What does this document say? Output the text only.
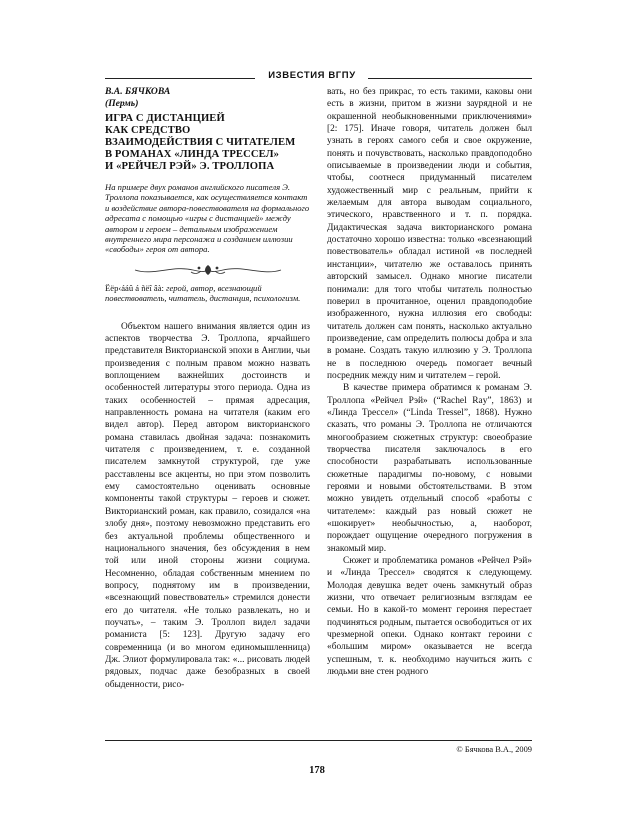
ИЗВЕСТИЯ ВГПУ
В.А. БЯЧКОВА
(Пермь)
ИГРА С ДИСТАНЦИЕЙ
КАК СРЕДСТВО
ВЗАИМОДЕЙСТВИЯ С ЧИТАТЕЛЕМ
В РОМАНАХ «ЛИНДА ТРЕССЕЛ»
И «РЕЙЧЕЛ РЭЙ» Э. ТРОЛЛОПА
На примере двух романов английского писателя Э. Троллопа показывается, как осуществляется контакт и воздействие автора-повествователя на формального адресата с помощью «игры с дистанцией» между автором и героем – детальным изображением внутреннего мира персонажа и созданием иллюзии «свободы» героя от автора.
Ёёр‹ááû á ñëî âà: герой, автор, всезнающий повествователь, читатель, дистанция, психологизм.

Объектом нашего внимания является один из аспектов творчества Э. Троллопа, ярчайшего представителя Викторианской эпохи в Англии, чьи произведения с полным правом можно назвать воплощением важнейших достоинств и особенностей литературы этого периода. Одна из таких особенностей – прямая адресация, направленность романа на читателя (каким его видел автор). Перед автором викторианского романа ставилась двойная задача: познакомить читателя с произведением, т. е. созданной писателем замкнутой структурой, где уже расставлены все акценты, но при этом позволить ему самостоятельно оценивать основные компоненты такой структуры – героев и сюжет. Викторианский роман, как правило, созидался «на злобу дня», поэтому невозможно представить его без актуальной проблемы общественного и национального значения, без обсуждения в нем той или иной стороны жизни социума. Несомненно, обладая собственным мнением по вопросу, поднятому им в произведении, «всезнающий повествователь» стремился донести его до читателя. «Не только развлекать, но и поучать», – таким Э. Троллоп видел задачи романиста [5: 123]. Другую задачу его современница (и во многом единомышленница) Дж. Элиот формулировала так: «... рисовать людей рядовых, подчас даже безобразных в своей обыденности, рисо-

вать, но без прикрас, то есть такими, каковы они есть в жизни, притом в жизни заурядной и не окрашенной необыкновенными приключениями» [2: 175]. Иначе говоря, читатель должен был узнать в героях самого себя и свое окружение, понять и почувствовать, насколько правдоподобно описываемые в произведении люди и события, чтобы, соотнеся придуманный писателем художественный мир с реальным, прийти к желаемым для автора выводам социального, этического, нравственного и т. п. порядка. Дидактическая задача викторианского романа достаточно хорошо известна: только «всезнающий повествователь» обладал истиной «в последней инстанции», читателю же оставалось принять авторский замысел. Однако многие писатели понимали: для того чтобы читатель полностью поверил в прочитанное, оценил правдоподобие изображенного, нужна иллюзия его свободы: читатель должен сам понять, насколько актуально произведение, сам определить полюсы добра и зла в романе. Создать такую иллюзию у Э. Троллопа не в последнюю очередь помогает вечный посредник между ним и читателем – герой.

В качестве примера обратимся к романам Э. Троллопа «Рейчел Рэй» (“Rachel Ray”, 1863) и «Линда Трессел» (“Linda Tressel”, 1868). Нужно сказать, что романы Э. Троллопа не отличаются многообразием сюжетных структур: своеобразие творчества писателя заключалось в его способности разрабатывать использованные сюжетные парадигмы по-новому, с новыми героями и новыми обстоятельствами. В этом можно увидеть отдельный способ «работы с читателем»: каждый раз новый сюжет не «шокирует» необычностью, а, наоборот, порождает ощущение очередного погружения в знакомый мир.

Сюжет и проблематика романов «Рейчел Рэй» и «Линда Трессел» сводятся к следующему. Молодая девушка ведет очень замкнутый образ жизни, что отвечает религиозным взглядам ее семьи. Но в какой-то момент героиня перестает подчиняться родным, пытается освободиться от их чрезмерной опеки. Однако контакт героини с «большим миром» оказывается не всегда успешным, т. к. необходимо научиться жить с людьми вне стен родного

© Бячкова В.А., 2009
178
